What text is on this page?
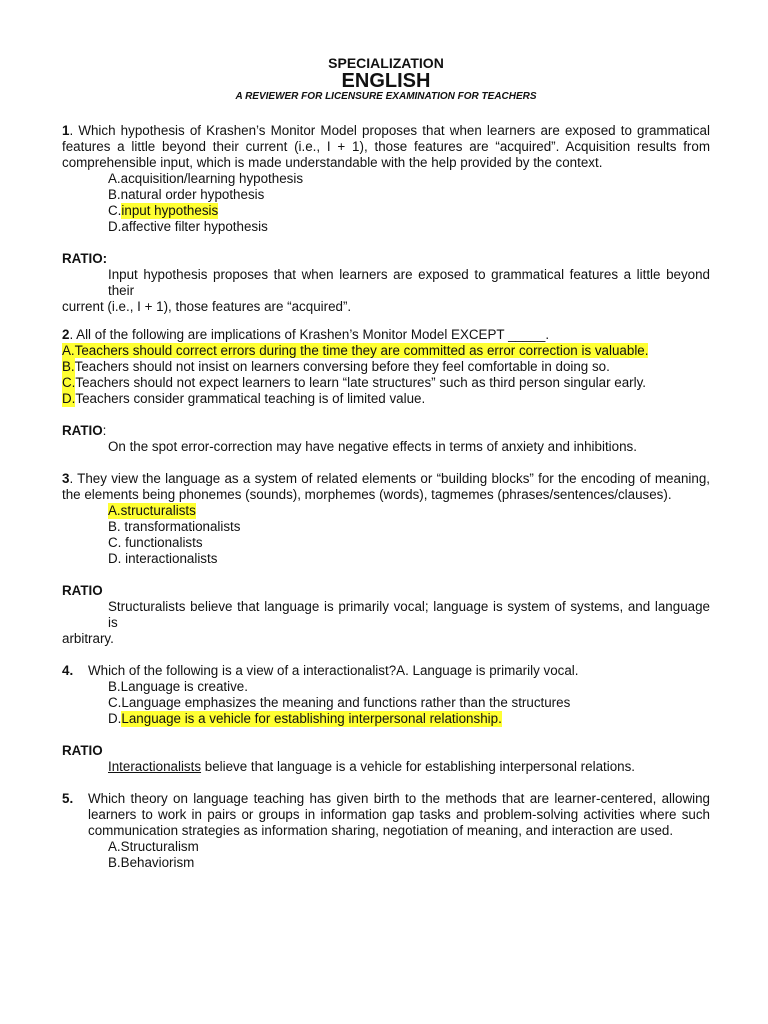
SPECIALIZATION
ENGLISH
A REVIEWER FOR LICENSURE EXAMINATION FOR TEACHERS
1. Which hypothesis of Krashen’s Monitor Model proposes that when learners are exposed to grammatical features a little beyond their current (i.e., I + 1), those features are “acquired”. Acquisition results from comprehensible input, which is made understandable with the help provided by the context.
A. acquisition/learning hypothesis
B. natural order hypothesis
C. input hypothesis
D. affective filter hypothesis
RATIO:
Input hypothesis proposes that when learners are exposed to grammatical features a little beyond their
current (i.e., I + 1), those features are “acquired”.
2. All of the following are implications of Krashen’s Monitor Model EXCEPT _____.
A. Teachers should correct errors during the time they are committed as error correction is valuable.
B. Teachers should not insist on learners conversing before they feel comfortable in doing so.
C. Teachers should not expect learners to learn “late structures” such as third person singular early.
D. Teachers consider grammatical teaching is of limited value.
RATIO:
On the spot error-correction may have negative effects in terms of anxiety and inhibitions.
3. They view the language as a system of related elements or “building blocks” for the encoding of meaning, the elements being phonemes (sounds), morphemes (words), tagmemes (phrases/sentences/clauses).
A.structuralists
B. transformationalists
C. functionalists
D. interactionalists
RATIO
Structuralists believe that language is primarily vocal; language is system of systems, and language is
arbitrary.
4. Which of the following is a view of a interactionalist?A. Language is primarily vocal.
B. Language is creative.
C. Language emphasizes the meaning and functions rather than the structures
D. Language is a vehicle for establishing interpersonal relationship.
RATIO
Interactionalists believe that language is a vehicle for establishing interpersonal relations.
5. Which theory on language teaching has given birth to the methods that are learner-centered, allowing learners to work in pairs or groups in information gap tasks and problem-solving activities where such communication strategies as information sharing, negotiation of meaning, and interaction are used.
A. Structuralism
B. Behaviorism
